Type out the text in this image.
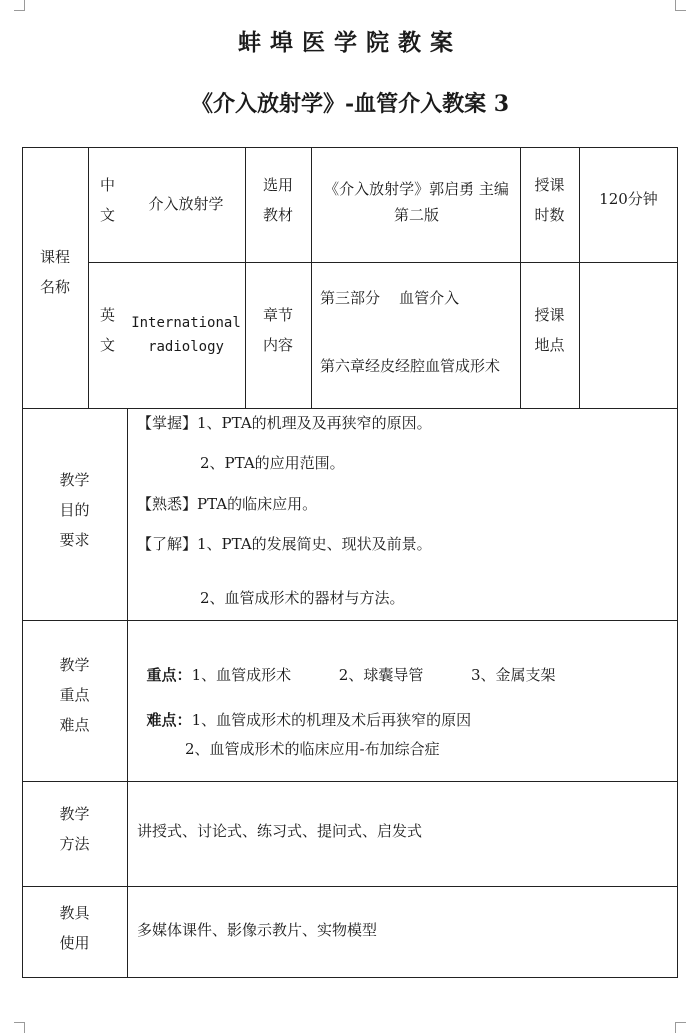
蚌埠医学院教案
《介入放射学》-血管介入教案 3
课程
名称
中
文
介入放射学
选用
教材
《介入放射学》郭启勇 主编
第二版
授课
时数
120分钟
英
文
International
radiology
章节
内容
第三部分    血管介入
第六章经皮经腔血管成形术
授课
地点
教学
目的
要求
【掌握】1、PTA的机理及及再狭窄的原因。
2、PTA的应用范围。
【熟悉】PTA的临床应用。
【了解】1、PTA的发展简史、现状及前景。
2、血管成形术的器材与方法。
教学
重点
难点

重点：1、血管成形术          2、球囊导管          3、金属支架

难点：1、血管成形术的机理及术后再狭窄的原因

2、血管成形术的临床应用-布加综合症
教学
方法
讲授式、讨论式、练习式、提问式、启发式
教具
使用
多媒体课件、影像示教片、实物模型
